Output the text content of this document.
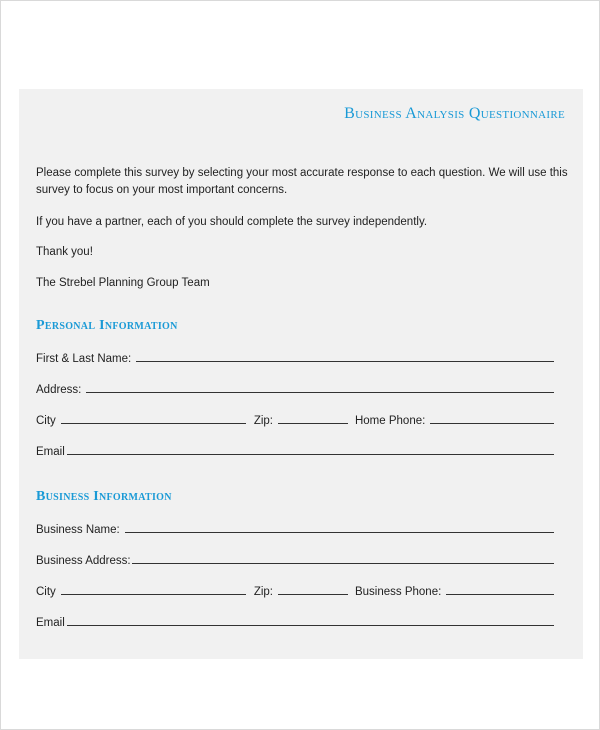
Business Analysis Questionnaire

Please complete this survey by selecting your most accurate response to each question. We will use this survey to focus on your most important concerns.

If you have a partner, each of you should complete the survey independently.

Thank you!

The Strebel Planning Group Team

Personal Information
First & Last Name:
Address:
City	Zip:	Home Phone:
Email
Business Information
Business Name:
Business Address:
City	Zip:	Business Phone:
Email
